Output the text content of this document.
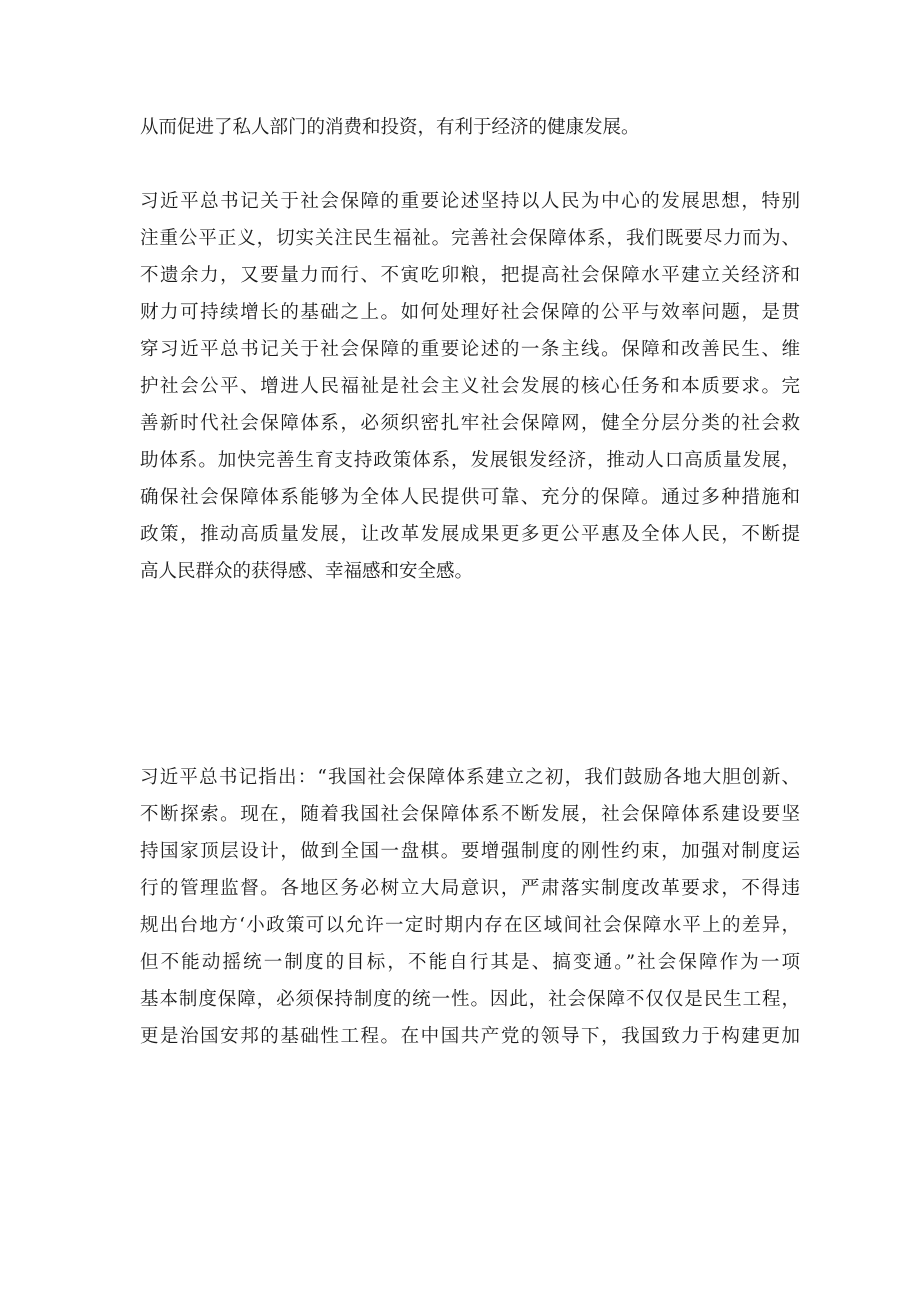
从而促进了私人部门的消费和投资，有利于经济的健康发展。

习近平总书记关于社会保障的重要论述坚持以人民为中心的发展思想，特别

注重公平正义，切实关注民生福祉。完善社会保障体系，我们既要尽力而为、

不遗余力，又要量力而行、不寅吃卯粮，把提高社会保障水平建立关经济和

财力可持续增长的基础之上。如何处理好社会保障的公平与效率问题，是贯

穿习近平总书记关于社会保障的重要论述的一条主线。保障和改善民生、维

护社会公平、增进人民福祉是社会主义社会发展的核心任务和本质要求。完

善新时代社会保障体系，必须织密扎牢社会保障网，健全分层分类的社会救

助体系。加快完善生育支持政策体系，发展银发经济，推动人口高质量发展，

确保社会保障体系能够为全体人民提供可靠、充分的保障。通过多种措施和

政策，推动高质量发展，让改革发展成果更多更公平惠及全体人民，不断提

高人民群众的获得感、幸福感和安全感。

习近平总书记指出：“我国社会保障体系建立之初，我们鼓励各地大胆创新、

不断探索。现在，随着我国社会保障体系不断发展，社会保障体系建设要坚

持国家顶层设计，做到全国一盘棋。要增强制度的刚性约束，加强对制度运

行的管理监督。各地区务必树立大局意识，严肃落实制度改革要求，不得违

规出台地方‘小政策可以允许一定时期内存在区域间社会保障水平上的差异，

但不能动摇统一制度的目标，不能自行其是、搞变通。”社会保障作为一项

基本制度保障，必须保持制度的统一性。因此，社会保障不仅仅是民生工程，

更是治国安邦的基础性工程。在中国共产党的领导下，我国致力于构建更加
